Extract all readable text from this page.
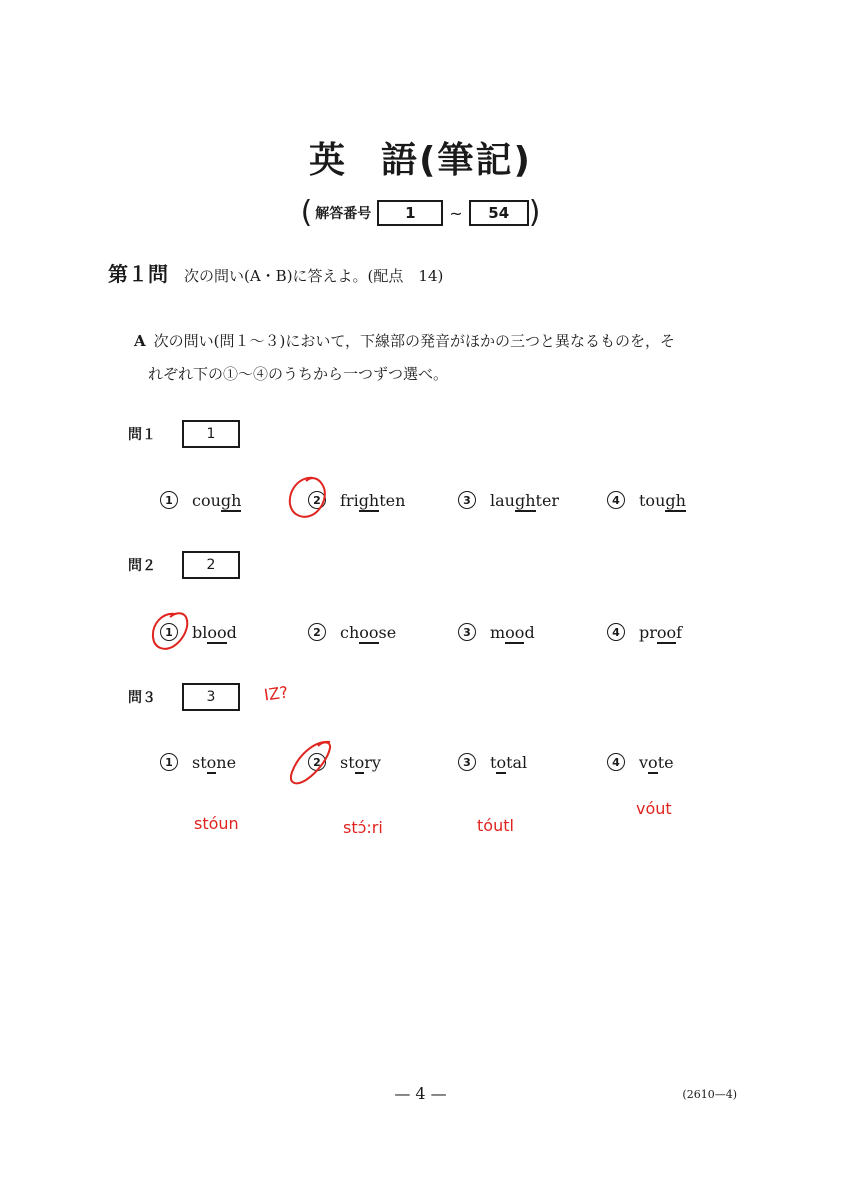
英 語(筆記)
( 解答番号	1	~	54 )
第１問 次の問い(A・B)に答えよ。(配点　14)
A 次の問い(問１～３)において，下線部の発音がほかの三つと異なるものを，そ
れぞれ下の①～④のうちから一つずつ選べ。
問１	1
1	cough	2	frighten	3	laughter	4	tough
問２	2
1	blood	2	choose	3	mood	4	proof
問３	3
1	stone	2	story	3	total	4	vote
IZ?
stóun	stɔ́:ri	tóutl
vóut
— 4 —	(2610—4)
